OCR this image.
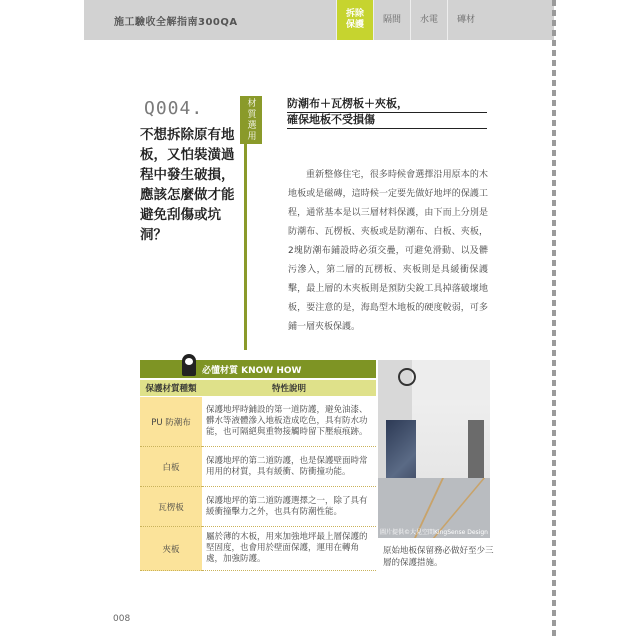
施工驗收全解指南300QA
拆除
保護
隔間	水電	磚材
Q004.
不想拆除原有地板，又怕裝潢過程中發生破損，應該怎麼做才能避免刮傷或坑洞？
材質選用	防潮布＋瓦楞板＋夾板，
確保地板不受損傷
重新整修住宅，很多時候會選擇沿用原本的木地板或是磁磚，這時候一定要先做好地坪的保護工程，通常基本是以三層材料保護，由下而上分別是防潮布、瓦楞板、夾板或是防潮布、白板、夾板，2塊防潮布鋪設時必須交疊，可避免滑動、以及髒污滲入，第二層的瓦楞板、夾板則是具緩衝保護擊，最上層的木夾板則是預防尖銳工具掉落破壞地板，要注意的是，海島型木地板的硬度較弱，可多鋪一層夾板保護。
必懂材質 KNOW HOW
保護材質種類	特性說明
PU 防潮布	保護地坪時鋪設的第一道防護，避免油漆、髒水等液體滲入地板造成吃色，具有防水功能，也可隔絕與重物接觸時留下壓痕痕跡。
白板	保護地坪的第二道防護，也是保護壁面時常用用的材質，具有緩衝、防衝撞功能。
瓦楞板	保護地坪的第二道防護選擇之一，除了具有緩衝撞擊力之外，也具有防潮性能。
夾板	屬於薄的木板，用來加強地坪最上層保護的堅固度，也會用於壁面保護，運用在轉角處，加強防護。
圖片提供©大見空間KingSense Design
原始地板保留務必做好至少三層的保護措施。
008
